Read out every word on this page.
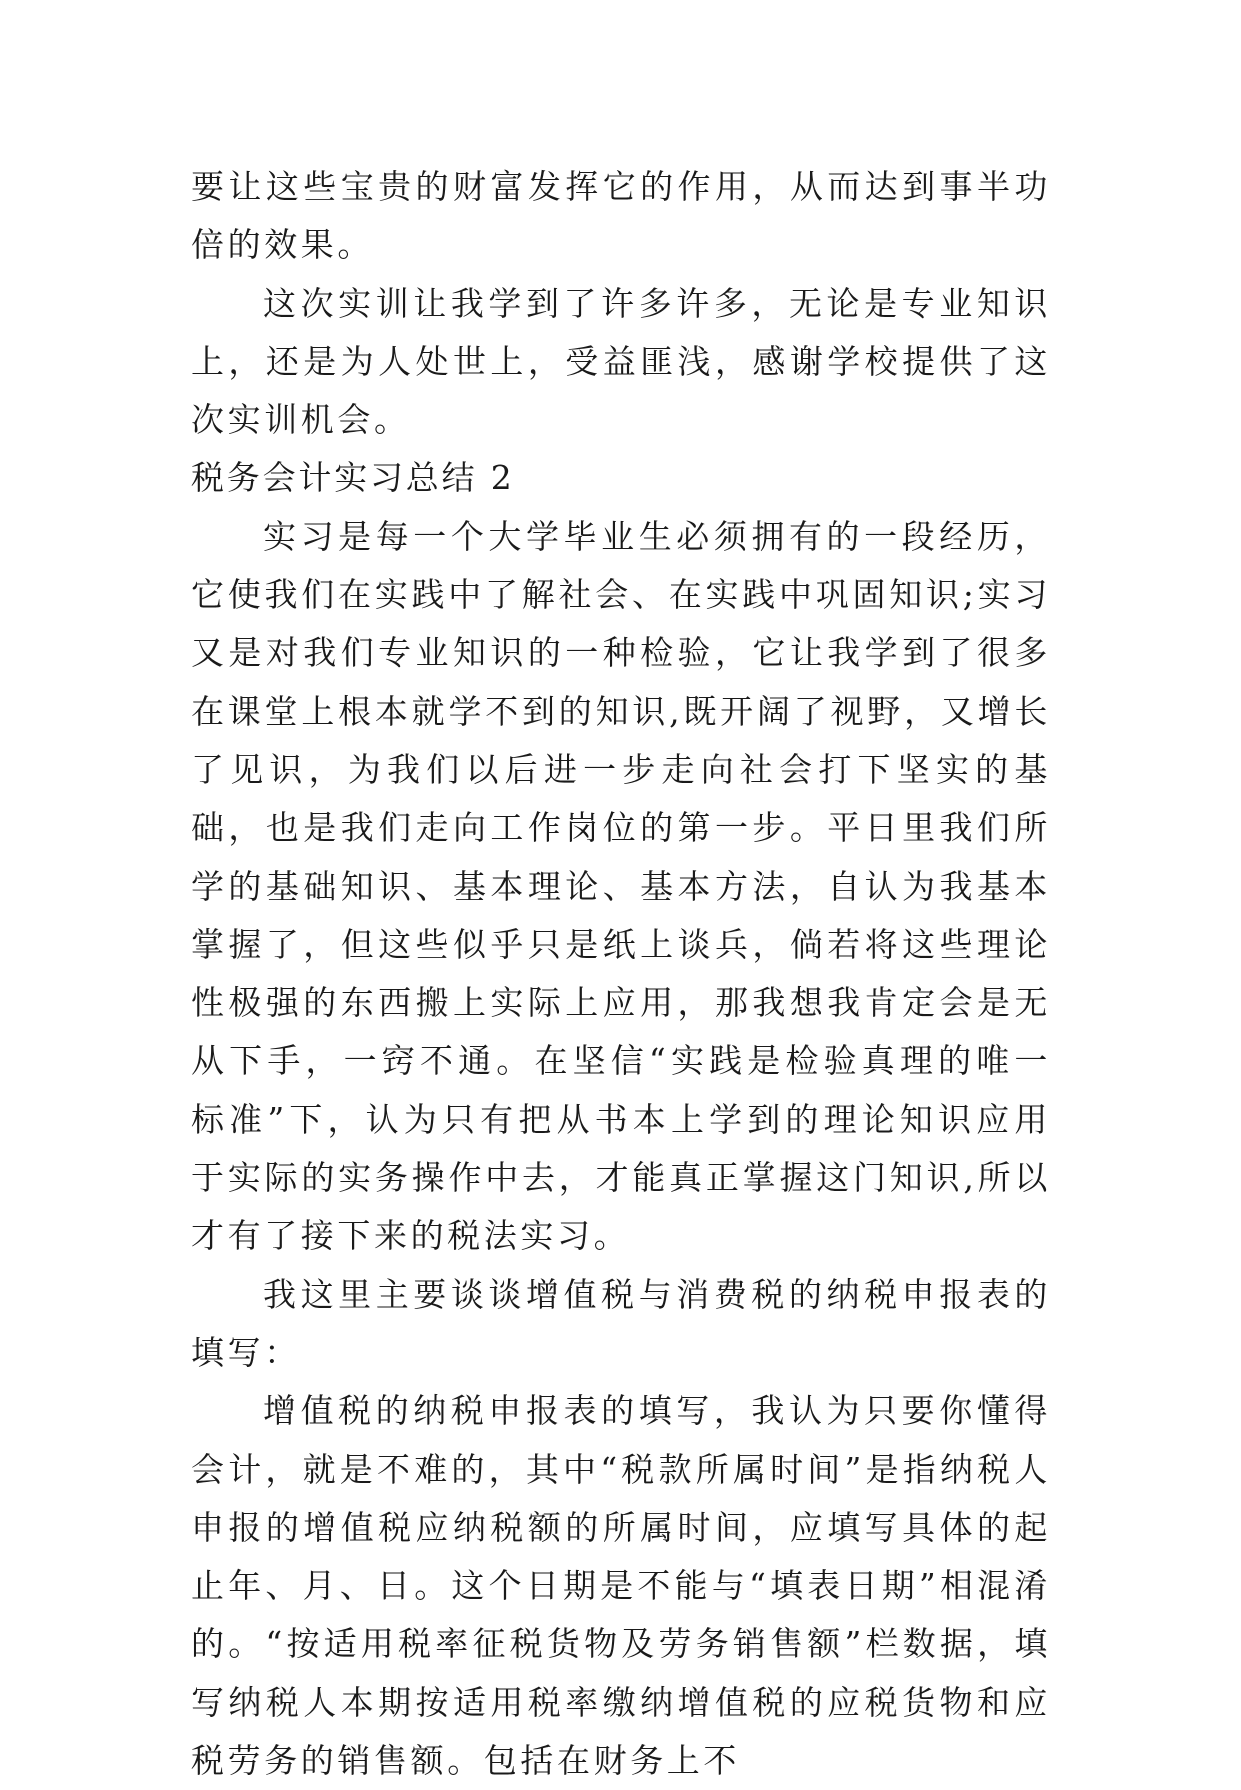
要让这些宝贵的财富发挥它的作用，从而达到事半功倍的效果。

这次实训让我学到了许多许多，无论是专业知识上，还是为人处世上，受益匪浅，感谢学校提供了这次实训机会。

税务会计实习总结 2

实习是每一个大学毕业生必须拥有的一段经历，它使我们在实践中了解社会、在实践中巩固知识;实习又是对我们专业知识的一种检验，它让我学到了很多在课堂上根本就学不到的知识,既开阔了视野，又增长了见识，为我们以后进一步走向社会打下坚实的基础，也是我们走向工作岗位的第一步。平日里我们所学的基础知识、基本理论、基本方法，自认为我基本掌握了，但这些似乎只是纸上谈兵，倘若将这些理论性极强的东西搬上实际上应用，那我想我肯定会是无从下手，一窍不通。在坚信“实践是检验真理的唯一标准”下，认为只有把从书本上学到的理论知识应用于实际的实务操作中去，才能真正掌握这门知识,所以才有了接下来的税法实习。

我这里主要谈谈增值税与消费税的纳税申报表的填写：

增值税的纳税申报表的填写，我认为只要你懂得会计，就是不难的，其中“税款所属时间”是指纳税人申报的增值税应纳税额的所属时间，应填写具体的起止年、月、日。这个日期是不能与“填表日期”相混淆的。“按适用税率征税货物及劳务销售额”栏数据，填写纳税人本期按适用税率缴纳增值税的应税货物和应税劳务的销售额。包括在财务上不
